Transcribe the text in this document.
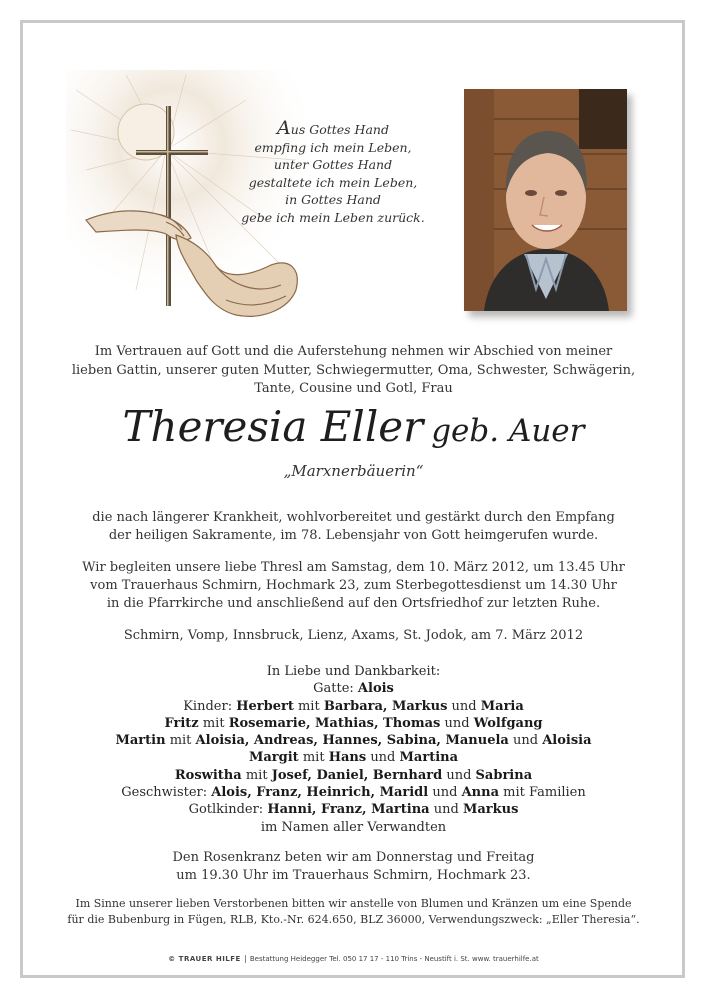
Aus Gottes Hand
empfing ich mein Leben,
unter Gottes Hand
gestaltete ich mein Leben,
in Gottes Hand
gebe ich mein Leben zurück.
Im Vertrauen auf Gott und die Auferstehung nehmen wir Abschied von meiner
lieben Gattin, unserer guten Mutter, Schwiegermutter, Oma, Schwester, Schwägerin,
Tante, Cousine und Gotl, Frau
Theresia Eller geb. Auer
„Marxnerbäuerin“
die nach längerer Krankheit, wohlvorbereitet und gestärkt durch den Empfang
der heiligen Sakramente, im 78. Lebensjahr von Gott heimgerufen wurde.
Wir begleiten unsere liebe Thresl am Samstag, dem 10. März 2012, um 13.45 Uhr
vom Trauerhaus Schmirn, Hochmark 23, zum Sterbegottesdienst um 14.30 Uhr
in die Pfarrkirche und anschließend auf den Ortsfriedhof zur letzten Ruhe.
Schmirn, Vomp, Innsbruck, Lienz, Axams, St. Jodok, am 7. März 2012
In Liebe und Dankbarkeit:
Gatte: Alois
Kinder: Herbert mit Barbara, Markus und Maria
Fritz mit Rosemarie, Mathias, Thomas und Wolfgang
Martin mit Aloisia, Andreas, Hannes, Sabina, Manuela und Aloisia
Margit mit Hans und Martina
Roswitha mit Josef, Daniel, Bernhard und Sabrina
Geschwister: Alois, Franz, Heinrich, Maridl und Anna mit Familien
Gotlkinder: Hanni, Franz, Martina und Markus
im Namen aller Verwandten
Den Rosenkranz beten wir am Donnerstag und Freitag
um 19.30 Uhr im Trauerhaus Schmirn, Hochmark 23.
Im Sinne unserer lieben Verstorbenen bitten wir anstelle von Blumen und Kränzen um eine Spende
für die Bubenburg in Fügen, RLB, Kto.-Nr. 624.650, BLZ 36000, Verwendungszweck: „Eller Theresia“.
© TRAUER HILFE Bestattung Heidegger Tel. 050 17 17 - 110 Trins - Neustift i. St. www. trauerhilfe.at
